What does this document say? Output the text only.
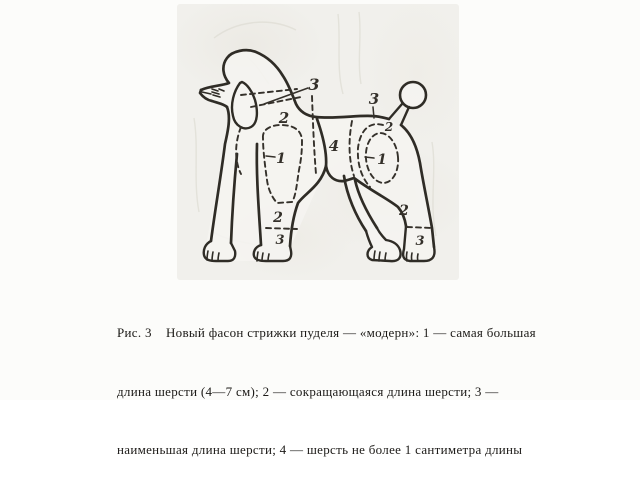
3
3
2	2
4
1	1
2
3
2
3

Рис. 3    Новый фасон стрижки пуделя — «модерн»: 1 — самая большая

длина шерсти (4—7 см); 2 — сокращающаяся длина шерсти; 3 —

наименьшая длина шерсти; 4 — шерсть не более 1 сантиметра длины
